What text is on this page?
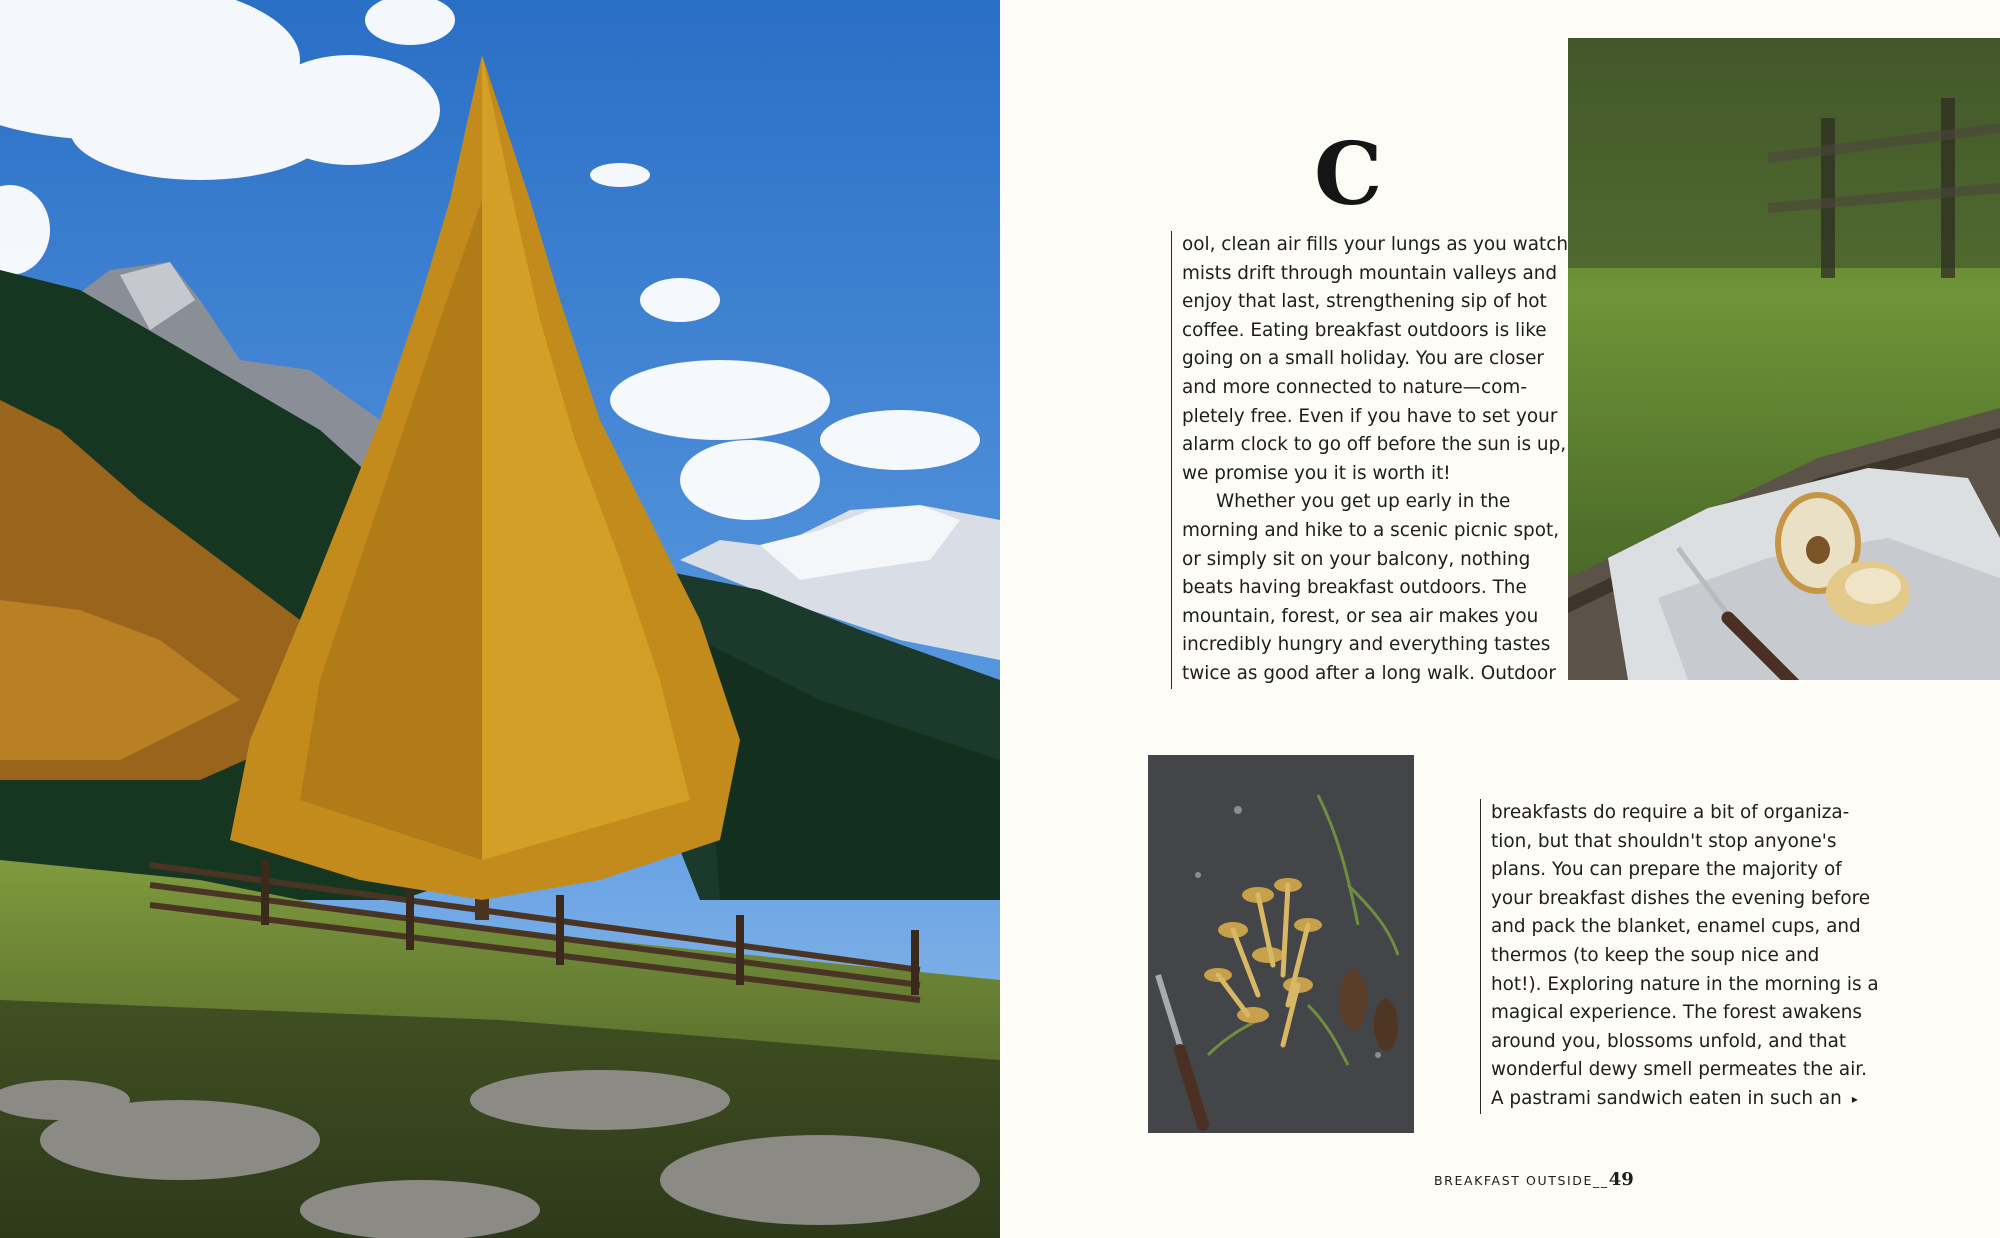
C
ool, clean air fills your lungs as you watch
mists drift through mountain valleys and
enjoy that last, strengthening sip of hot
coffee. Eating breakfast outdoors is like
going on a small holiday. You are closer
and more connected to nature—com-
pletely free. Even if you have to set your
alarm clock to go off before the sun is up,
we promise you it is worth it!
Whether you get up early in the
morning and hike to a scenic picnic spot,
or simply sit on your balcony, nothing
beats having breakfast outdoors. The
mountain, forest, or sea air makes you
incredibly hungry and everything tastes
twice as good after a long walk. Outdoor
breakfasts do require a bit of organiza-
tion, but that shouldn't stop anyone's
plans. You can prepare the majority of
your breakfast dishes the evening before
and pack the blanket, enamel cups, and
thermos (to keep the soup nice and
hot!). Exploring nature in the morning is a
magical experience. The forest awakens
around you, blossoms unfold, and that
wonderful dewy smell permeates the air.
A pastrami sandwich eaten in such an ▸
BREAKFAST OUTSIDE__49
